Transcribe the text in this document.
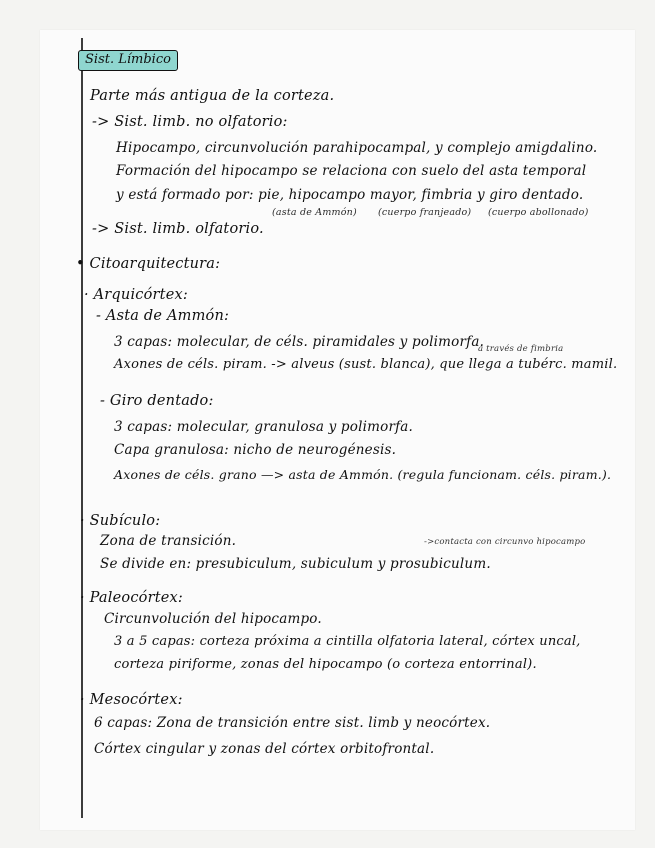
Sist. Límbico
Parte más antigua de la corteza.
-> Sist. limb. no olfatorio:
Hipocampo, circunvolución parahipocampal, y complejo amigdalino.
Formación del hipocampo se relaciona con suelo del asta temporal
y está formado por: pie, hipocampo mayor, fimbria y giro dentado.
(asta de Ammón) (cuerpo franjeado) (cuerpo abollonado)
-> Sist. limb. olfatorio.
• Citoarquitectura:
· Arquicórtex:
- Asta de Ammón:
3 capas: molecular, de céls. piramidales y polimorfa.
a través de fimbria
Axones de céls. piram. -> alveus (sust. blanca), que llega a tubérc. mamil.
- Giro dentado:
3 capas: molecular, granulosa y polimorfa.
Capa granulosa: nicho de neurogénesis.
Axones de céls. grano —> asta de Ammón. (regula funcionam. céls. piram.).
· Subículo:
Zona de transición.	->contacta con circunvo hipocampo
Se divide en: presubiculum, subiculum y prosubiculum.
· Paleocórtex:
Circunvolución del hipocampo.
3 a 5 capas: corteza próxima a cintilla olfatoria lateral, córtex uncal,
corteza piriforme, zonas del hipocampo (o corteza entorrinal).
· Mesocórtex:
6 capas: Zona de transición entre sist. limb y neocórtex.
Córtex cingular y zonas del córtex orbitofrontal.
